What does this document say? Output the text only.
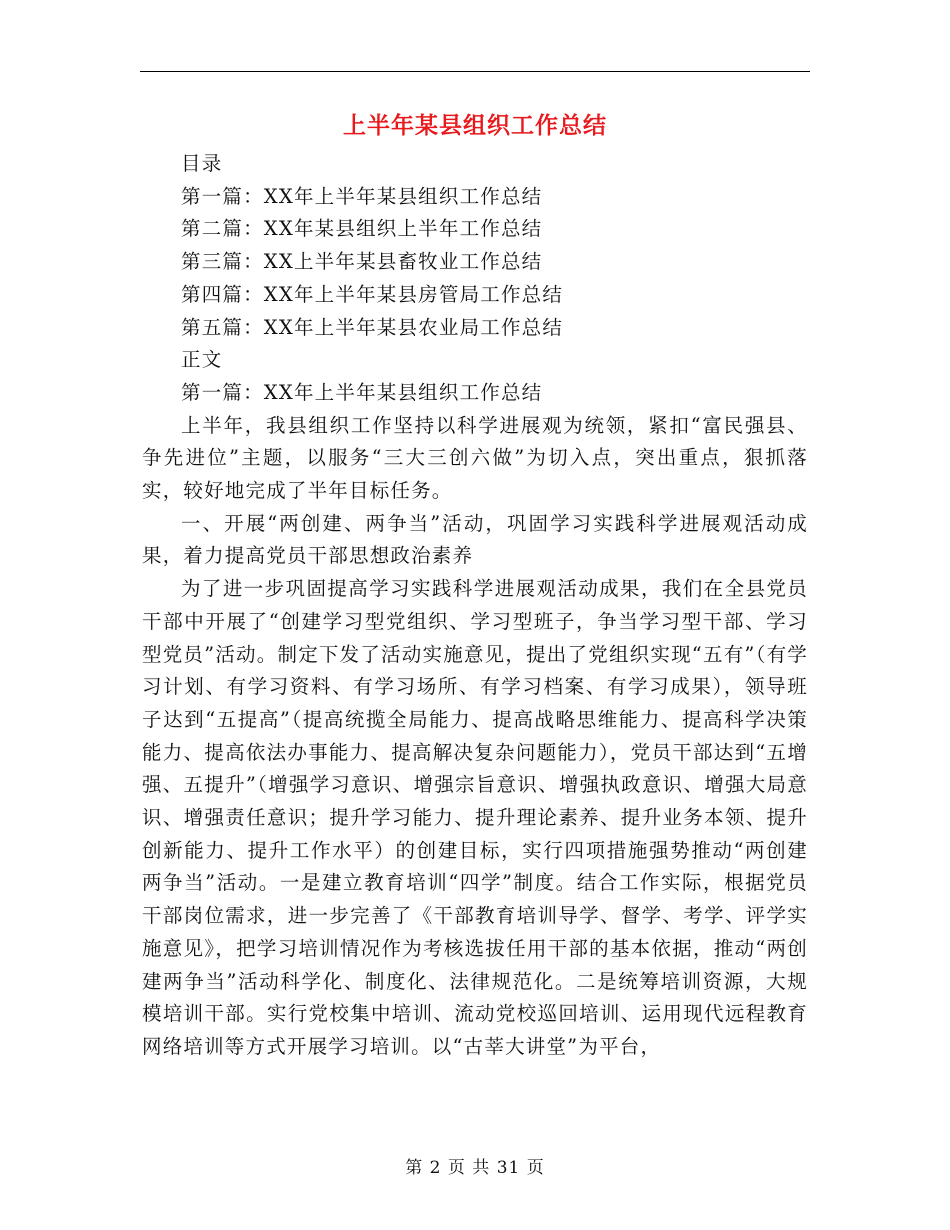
上半年某县组织工作总结

目录

第一篇：XX年上半年某县组织工作总结

第二篇：XX年某县组织上半年工作总结

第三篇：XX上半年某县畜牧业工作总结

第四篇：XX年上半年某县房管局工作总结

第五篇：XX年上半年某县农业局工作总结

正文

第一篇：XX年上半年某县组织工作总结

上半年，我县组织工作坚持以科学进展观为统领，紧扣“富民强县、争先进位”主题，以服务“三大三创六做”为切入点，突出重点，狠抓落实，较好地完成了半年目标任务。

一、开展“两创建、两争当”活动，巩固学习实践科学进展观活动成果，着力提高党员干部思想政治素养

为了进一步巩固提高学习实践科学进展观活动成果，我们在全县党员干部中开展了“创建学习型党组织、学习型班子，争当学习型干部、学习型党员”活动。制定下发了活动实施意见，提出了党组织实现“五有”（有学习计划、有学习资料、有学习场所、有学习档案、有学习成果），领导班子达到“五提高”（提高统揽全局能力、提高战略思维能力、提高科学决策能力、提高依法办事能力、提高解决复杂问题能力），党员干部达到“五增强、五提升”（增强学习意识、增强宗旨意识、增强执政意识、增强大局意识、增强责任意识；提升学习能力、提升理论素养、提升业务本领、提升创新能力、提升工作水平）的创建目标，实行四项措施强势推动“两创建两争当”活动。一是建立教育培训“四学”制度。结合工作实际，根据党员干部岗位需求，进一步完善了《干部教育培训导学、督学、考学、评学实施意见》，把学习培训情况作为考核选拔任用干部的基本依据，推动“两创建两争当”活动科学化、制度化、法律规范化。二是统筹培训资源，大规模培训干部。实行党校集中培训、流动党校巡回培训、运用现代远程教育网络培训等方式开展学习培训。以“古莘大讲堂”为平台，

第 2 页 共 31 页
